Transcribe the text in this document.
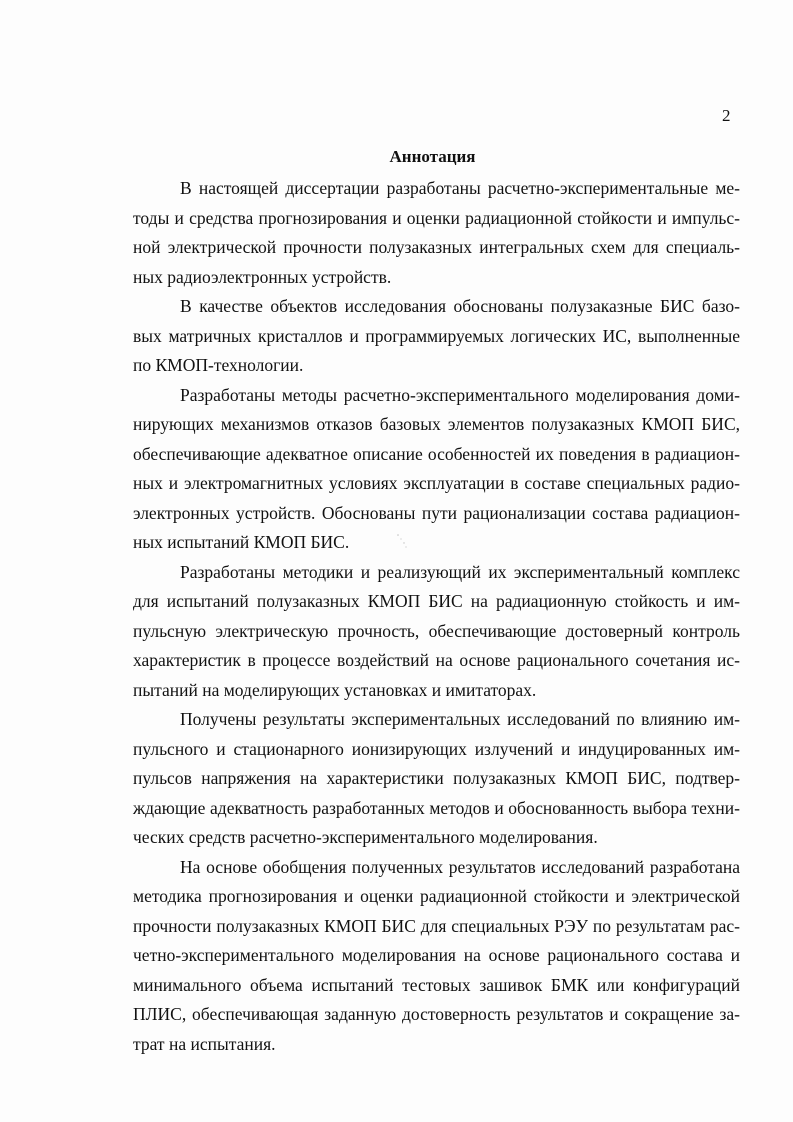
2
Аннотация

В настоящей диссертации разработаны расчетно-экспериментальные ме-
тоды и средства прогнозирования и оценки радиационной стойкости и импульс-
ной электрической прочности полузаказных интегральных схем для специаль-
ных радиоэлектронных устройств.

В качестве объектов исследования обоснованы полузаказные БИС базо-
вых матричных кристаллов и программируемых логических ИС, выполненные
по КМОП-технологии.

Разработаны методы расчетно-экспериментального моделирования доми-
нирующих механизмов отказов базовых элементов полузаказных КМОП БИС,
обеспечивающие адекватное описание особенностей их поведения в радиацион-
ных и электромагнитных условиях эксплуатации в составе специальных радио-
электронных устройств. Обоснованы пути рационализации состава радиацион-
ных испытаний КМОП БИС.

Разработаны методики и реализующий их экспериментальный комплекс
для испытаний полузаказных КМОП БИС на радиационную стойкость и им-
пульсную электрическую прочность, обеспечивающие достоверный контроль
характеристик в процессе воздействий на основе рационального сочетания ис-
пытаний на моделирующих установках и имитаторах.

Получены результаты экспериментальных исследований по влиянию им-
пульсного и стационарного ионизирующих излучений и индуцированных им-
пульсов напряжения на характеристики полузаказных КМОП БИС, подтвер-
ждающие адекватность разработанных методов и обоснованность выбора техни-
ческих средств расчетно-экспериментального моделирования.

На основе обобщения полученных результатов исследований разработана
методика прогнозирования и оценки радиационной стойкости и электрической
прочности полузаказных КМОП БИС для специальных РЭУ по результатам рас-
четно-экспериментального моделирования на основе рационального состава и
минимального объема испытаний тестовых зашивок БМК или конфигураций
ПЛИС, обеспечивающая заданную достоверность результатов и сокращение за-
трат на испытания.
